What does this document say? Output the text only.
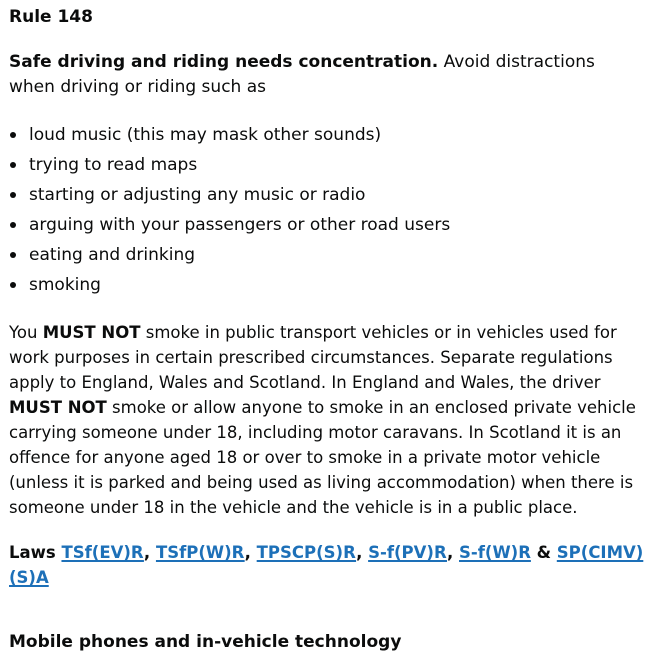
Rule 148

Safe driving and riding needs concentration. Avoid distractions when driving or riding such as

loud music (this may mask other sounds)
trying to read maps
starting or adjusting any music or radio
arguing with your passengers or other road users
eating and drinking
smoking

You MUST NOT smoke in public transport vehicles or in vehicles used for work purposes in certain prescribed circumstances. Separate regulations apply to England, Wales and Scotland. In England and Wales, the driver MUST NOT smoke or allow anyone to smoke in an enclosed private vehicle carrying someone under 18, including motor caravans. In Scotland it is an offence for anyone aged 18 or over to smoke in a private motor vehicle (unless it is parked and being used as living accommodation) when there is someone under 18 in the vehicle and the vehicle is in a public place.

Laws TSf(EV)R, TSfP(W)R, TPSCP(S)R, S-f(PV)R, S-f(W)R & SP(CIMV)(S)A

Mobile phones and in-vehicle technology
